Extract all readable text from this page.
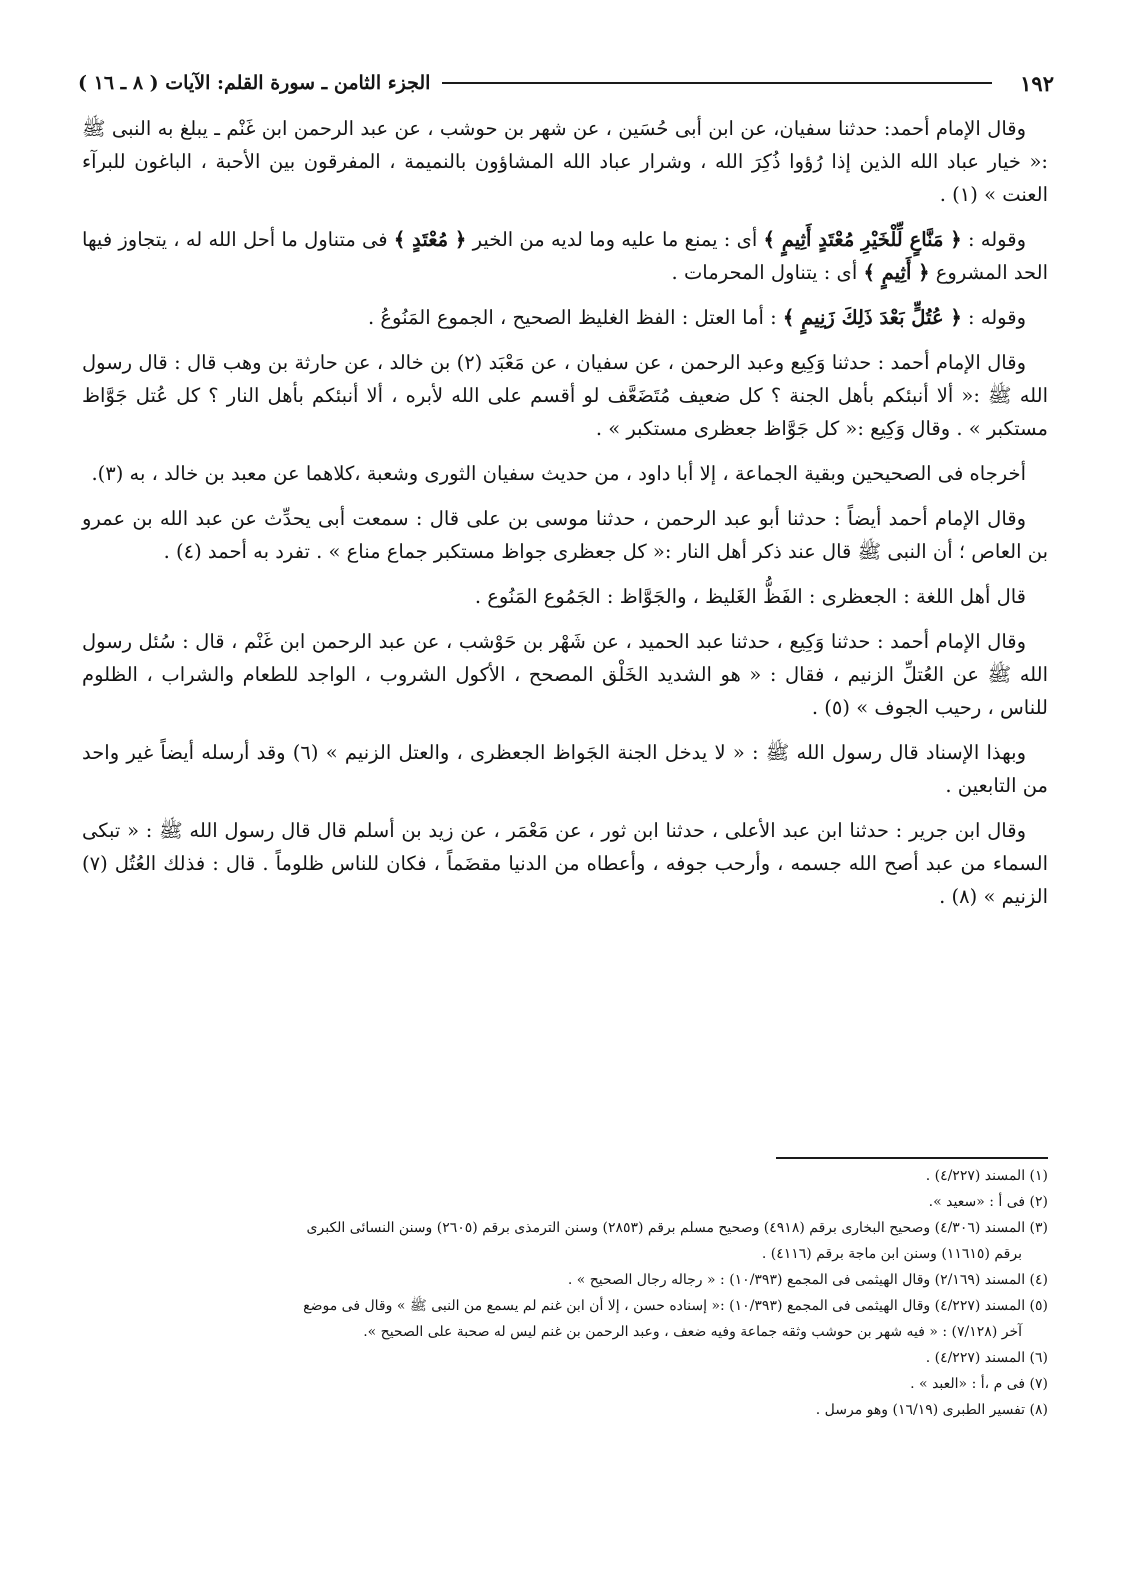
١٩٢
الجزء الثامن ـ سورة القلم: الآيات ( ٨ ـ ١٦ )

وقال الإمام أحمد: حدثنا سفيان، عن ابن أبى حُسَين ، عن شهر بن حوشب ، عن عبد الرحمن ابن غَنْم ـ يبلغ به النبى ﷺ :« خيار عباد الله الذين إذا رُؤوا ذُكِرَ الله ، وشرار عباد الله المشاؤون بالنميمة ، المفرقون بين الأحبة ، الباغون للبرآء العنت » (١) .

وقوله : ﴿ مَنَّاعٍ لِّلْخَيْرِ مُعْتَدٍ أَثِيمٍ ﴾ أى : يمنع ما عليه وما لديه من الخير ﴿ مُعْتَدٍ ﴾ فى متناول ما أحل الله له ، يتجاوز فيها الحد المشروع ﴿ أَثِيمٍ ﴾ أى : يتناول المحرمات .

وقوله : ﴿ عُتُلٍّ بَعْدَ ذَلِكَ زَنِيمٍ ﴾ : أما العتل : الفظ الغليظ الصحيح ، الجموع المَنُوعُ .

وقال الإمام أحمد : حدثنا وَكِيع وعبد الرحمن ، عن سفيان ، عن مَعْبَد (٢) بن خالد ، عن حارثة بن وهب قال : قال رسول الله ﷺ :« ألا أنبئكم بأهل الجنة ؟ كل ضعيف مُتَضَعَّف لو أقسم على الله لأبره ، ألا أنبئكم بأهل النار ؟ كل عُتل جَوَّاظ مستكبر » . وقال وَكِيع :« كل جَوَّاظ جعظرى مستكبر » .

أخرجاه فى الصحيحين وبقية الجماعة ، إلا أبا داود ، من حديث سفيان الثورى وشعبة ،كلاهما عن معبد بن خالد ، به (٣).

وقال الإمام أحمد أيضاً : حدثنا أبو عبد الرحمن ، حدثنا موسى بن على قال : سمعت أبى يحدِّث عن عبد الله بن عمرو بن العاص ؛ أن النبى ﷺ قال عند ذكر أهل النار :« كل جعظرى جواظ مستكبر جماع مناع » . تفرد به أحمد (٤) .

قال أهل اللغة : الجعظرى : الفَظُّ الغَليظ ، والجَوَّاظ : الجَمُوع المَنُوع .

وقال الإمام أحمد : حدثنا وَكِيع ، حدثنا عبد الحميد ، عن شَهْر بن حَوْشب ، عن عبد الرحمن ابن غَنْم ، قال : سُئل رسول الله ﷺ عن العُتلِّ الزنيم ، فقال : « هو الشديد الخَلْق المصحح ، الأكول الشروب ، الواجد للطعام والشراب ، الظلوم للناس ، رحيب الجوف » (٥) .

وبهذا الإسناد قال رسول الله ﷺ : « لا يدخل الجنة الجَواظ الجعظرى ، والعتل الزنيم » (٦) وقد أرسله أيضاً غير واحد من التابعين .

وقال ابن جرير : حدثنا ابن عبد الأعلى ، حدثنا ابن ثور ، عن مَعْمَر ، عن زيد بن أسلم قال قال رسول الله ﷺ : « تبكى السماء من عبد أصح الله جسمه ، وأرحب جوفه ، وأعطاه من الدنيا مقضَماً ، فكان للناس ظلوماً . قال : فذلك العُتُل (٧) الزنيم » (٨) .

(١) المسند (٤/٢٢٧) .

(٢) فى أ : «سعيد ».

(٣) المسند (٤/٣٠٦) وصحيح البخارى برقم (٤٩١٨) وصحيح مسلم برقم (٢٨٥٣) وسنن الترمذى برقم (٢٦٠٥) وسنن النسائى الكبرى
برقم (١١٦١٥) وسنن ابن ماجة برقم (٤١١٦) .

(٤) المسند (٢/١٦٩) وقال الهيثمى فى المجمع (١٠/٣٩٣) : « رجاله رجال الصحيح » .

(٥) المسند (٤/٢٢٧) وقال الهيثمى فى المجمع (١٠/٣٩٣) :« إسناده حسن ، إلا أن ابن غنم لم يسمع من النبى ﷺ » وقال فى موضع
آخر (٧/١٢٨) : « فيه شهر بن حوشب وثقه جماعة وفيه ضعف ، وعبد الرحمن بن غنم ليس له صحبة على الصحيح ».

(٦) المسند (٤/٢٢٧) .

(٧) فى م ،أ : «العبد » .

(٨) تفسير الطبرى (١٦/١٩) وهو مرسل .
